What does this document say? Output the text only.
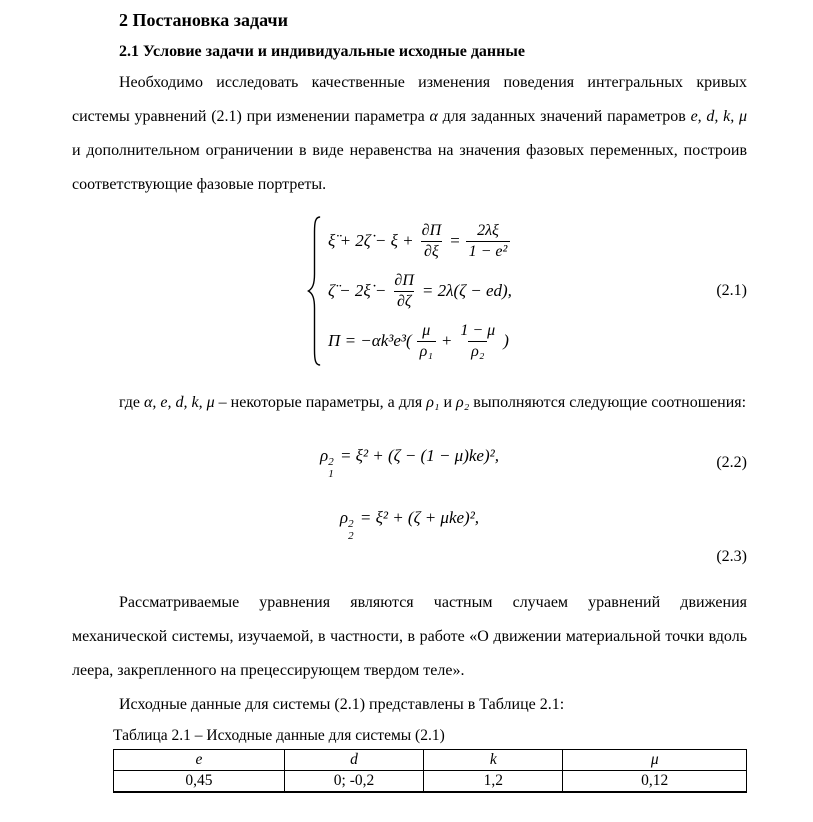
2 Постановка задачи
2.1 Условие задачи и индивидуальные исходные данные

Необходимо исследовать качественные изменения поведения интегральных кривых системы уравнений (2.1) при изменении параметра α для заданных значений параметров e, d, k, μ и дополнительном ограничении в виде неравенства на значения фазовых переменных, построив соответствующие фазовые портреты.

ξ̈ + 2ζ̇ − $\xi + \frac{\partial\Pi}{\partial\xi} = \frac{2\lambda\xi}{\text{1 − e²}}$
ζ̈ − 2ξ̇ − $\frac{\partial\Pi}{\partial\zeta} = 2\lambda(\zeta - ed)$,
$\Pi = -\alpha k^3e^3( \frac{\mu}{\text{ρ₁}} + \frac{1 - \mu}{\text{ρ₂}}$ )
(2.1)

где α, e, d, k, μ – некоторые параметры, а для ρ₁ и ρ₂ выполняются следующие соотношения:

ρ 2
1
= ξ² + (ζ − (1 − μ)ke)²,	(2.2)
ρ 2
2
= ξ² + (ζ + μke)²,
(2.3)

Рассматриваемые уравнения являются частным случаем уравнений движения механической системы, изучаемой, в частности, в работе «О движении материальной точки вдоль леера, закрепленного на прецессирующем твердом теле».

Исходные данные для системы (2.1) представлены в Таблице 2.1:

Таблица 2.1 – Исходные данные для системы (2.1)
e	d	k	μ
0,45	0; -0,2	1,2	0,12
